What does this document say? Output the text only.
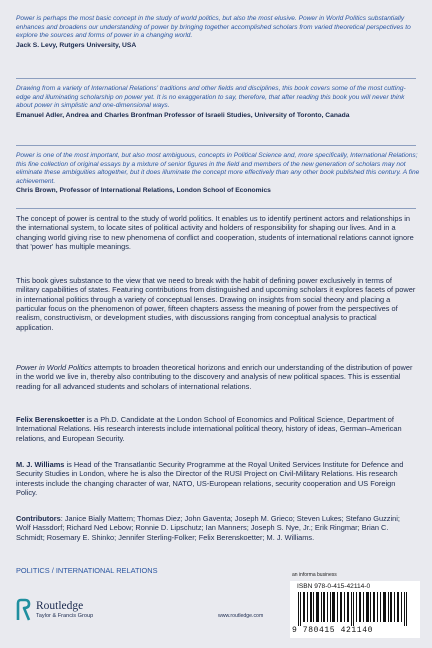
Power is perhaps the most basic concept in the study of world politics, but also the most elusive. Power in World Politics substantially enhances and broadens our understanding of power by bringing together accomplished scholars from varied theoretical perspectives to explore the sources and forms of power in a changing world.
Jack S. Levy, Rutgers University, USA
Drawing from a variety of International Relations' traditions and other fields and disciplines, this book covers some of the most cutting-edge and illuminating scholarship on power yet. It is no exaggeration to say, therefore, that after reading this book you will never think about power in simplistic and one-dimensional ways.
Emanuel Adler, Andrea and Charles Bronfman Professor of Israeli Studies, University of Toronto, Canada
Power is one of the most important, but also most ambiguous, concepts in Political Science and, more specifically, International Relations; this fine collection of original essays by a mixture of senior figures in the field and members of the new generation of scholars may not eliminate these ambiguities altogether, but it does illuminate the concept more effectively than any other book published this century. A fine achievement.
Chris Brown, Professor of International Relations, London School of Economics

The concept of power is central to the study of world politics. It enables us to identify pertinent actors and relationships in the international system, to locate sites of political activity and holders of responsibility for shaping our lives. And in a changing world giving rise to new phenomena of conflict and cooperation, students of international relations cannot ignore that 'power' has multiple meanings.

This book gives substance to the view that we need to break with the habit of defining power exclusively in terms of military capabilities of states. Featuring contributions from distinguished and upcoming scholars it explores facets of power in international politics through a variety of conceptual lenses. Drawing on insights from social theory and placing a particular focus on the phenomenon of power, fifteen chapters assess the meaning of power from the perspectives of realism, constructivism, or development studies, with discussions ranging from conceptual analysis to practical application.

Power in World Politics attempts to broaden theoretical horizons and enrich our understanding of the distribution of power in the world we live in, thereby also contributing to the discovery and analysis of new political spaces. This is essential reading for all advanced students and scholars of international relations.

Felix Berenskoetter is a Ph.D. Candidate at the London School of Economics and Political Science, Department of International Relations. His research interests include international political theory, history of ideas, German–American relations, and European Security.

M. J. Williams is Head of the Transatlantic Security Programme at the Royal United Services Institute for Defence and Security Studies in London, where he is also the Director of the RUSI Project on Civil-Military Relations. His research interests include the changing character of war, NATO, US-European relations, security cooperation and US Foreign Policy.

Contributors: Janice Bially Mattern; Thomas Diez; John Gaventa; Joseph M. Grieco; Steven Lukes; Stefano Guzzini; Wolf Hassdorf; Richard Ned Lebow; Ronnie D. Lipschutz; Ian Manners; Joseph S. Nye, Jr.; Erik Ringmar; Brian C. Schmidt; Rosemary E. Shinko; Jennifer Sterling-Folker; Felix Berenskoetter; M. J. Williams.

POLITICS / INTERNATIONAL RELATIONS	an informa business
ISBN 978-0-415-42114-0
9 780415 421140
Routledge
Taylor & Francis Group	www.routledge.com
